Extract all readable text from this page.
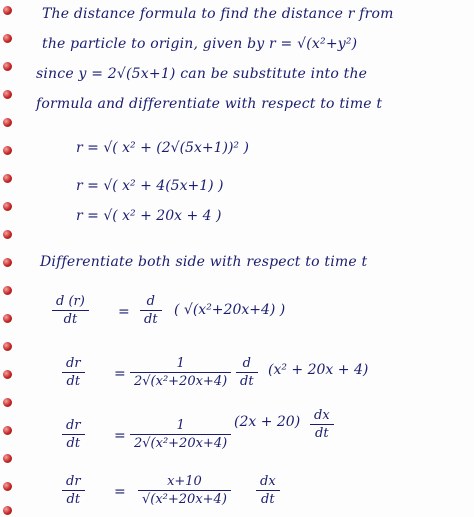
The distance formula to find the distance r from
the particle to origin, given by r = √(x²+y²)
since y = 2√(5x+1) can be substitute into the
formula and differentiate with respect to time t
r = √( x² + (2√(5x+1))² )
r = √( x² + 4(5x+1) )
r = √( x² + 20x + 4 )
Differentiate both side with respect to time t
d (r)
dt	=
d
dt
( √(x²+20x+4) )
dr
dt	=
1
2√(x²+20x+4)
d
dt
(x² + 20x + 4)
dr
dt	=
1
2√(x²+20x+4)
(2x + 20)	dx
dt
dr
dt	=
x+10
√(x²+20x+4)
dx
dt
